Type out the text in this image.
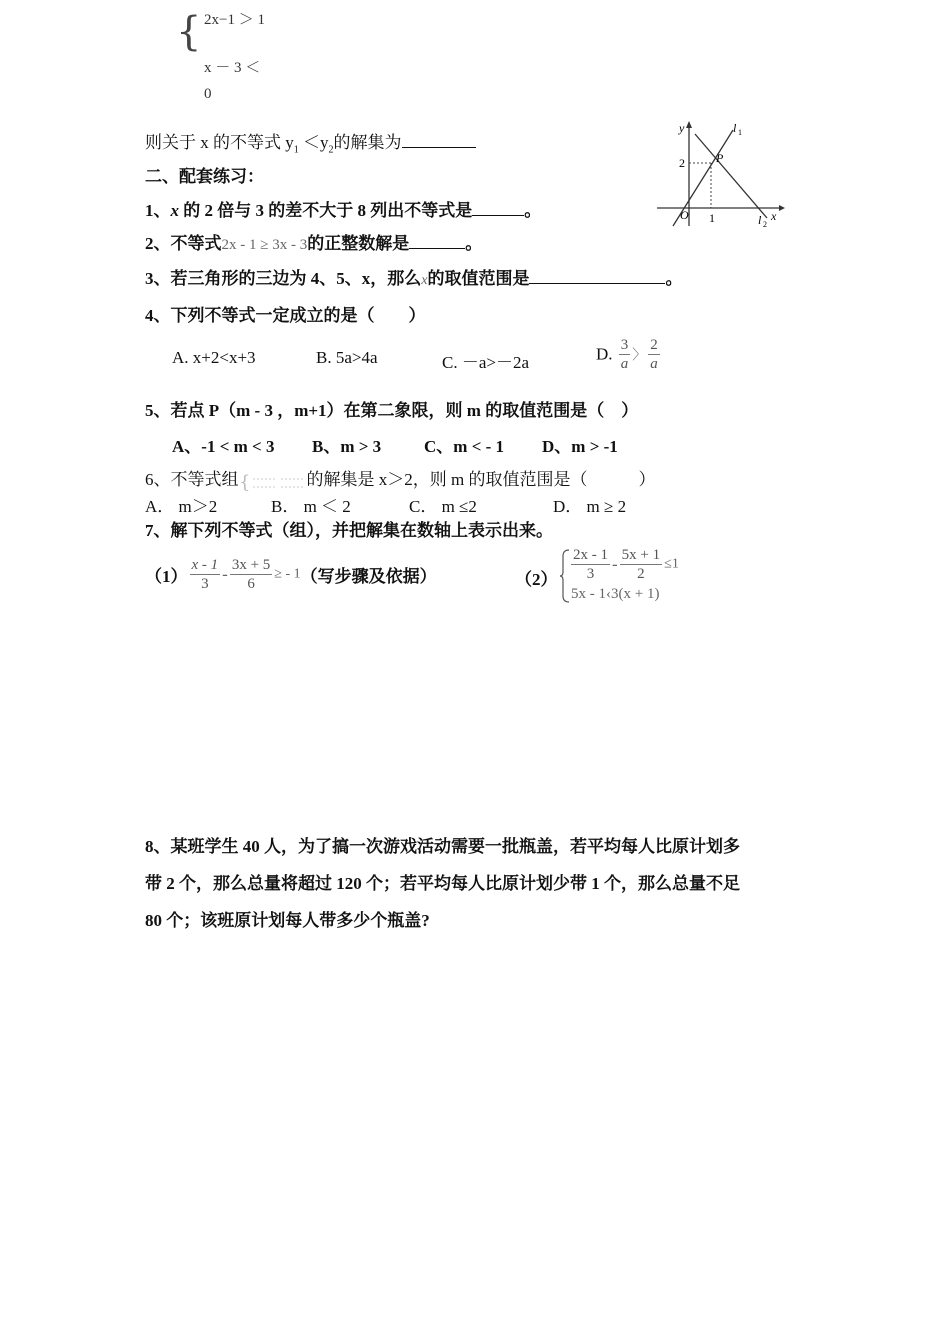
{ 2x−1 ＞ 1
x － 3 ＜
0
则关于 x 的不等式 $y_1 <y_2$的解集为
y
x
l 1
l 2
P
2
1
O
二、配套练习：
1、x 的 2 倍与 3 的差不大于 8 列出不等式是	。
2、不等式2x - 1 ≥ 3x - 3的正整数解是	。
3、若三角形的三边为 4、5、x，那么x的取值范围是	。
4、下列不等式一定成立的是（　　）
A. x+2<x+3	B. 5a>4a	C. －a>－2a	D. $\frac{3}{a}$ 〉 $\frac{2}{a}$
5、若点 P（m - 3 ，m+1）在第二象限，则 m 的取值范围是（　）
A、-1 < m < 3 B、m > 3	C、m < - 1 D、m > -1
6、不等式组 {	的解集是 x＞2，则 m 的取值范围是（　　　）
A． m＞2	B． m ＜ 2	C． m ≤2	D． m ≥ 2
7、解下列不等式（组），并把解集在数轴上表示出来。
$(1) \frac{x - 1}{3} - \frac{3x + 5}{6}$ ≥ - 1（写步骤及依据）	$(2) \frac{2x - 1}{3} - \frac{5x + 1}{2} \le 1$
5x - 1‹3(x + 1)
8、某班学生 40 人，为了搞一次游戏活动需要一批瓶盖，若平均每人比原计划多
带 2 个，那么总量将超过 120 个；若平均每人比原计划少带 1 个，那么总量不足
80 个；该班原计划每人带多少个瓶盖?
